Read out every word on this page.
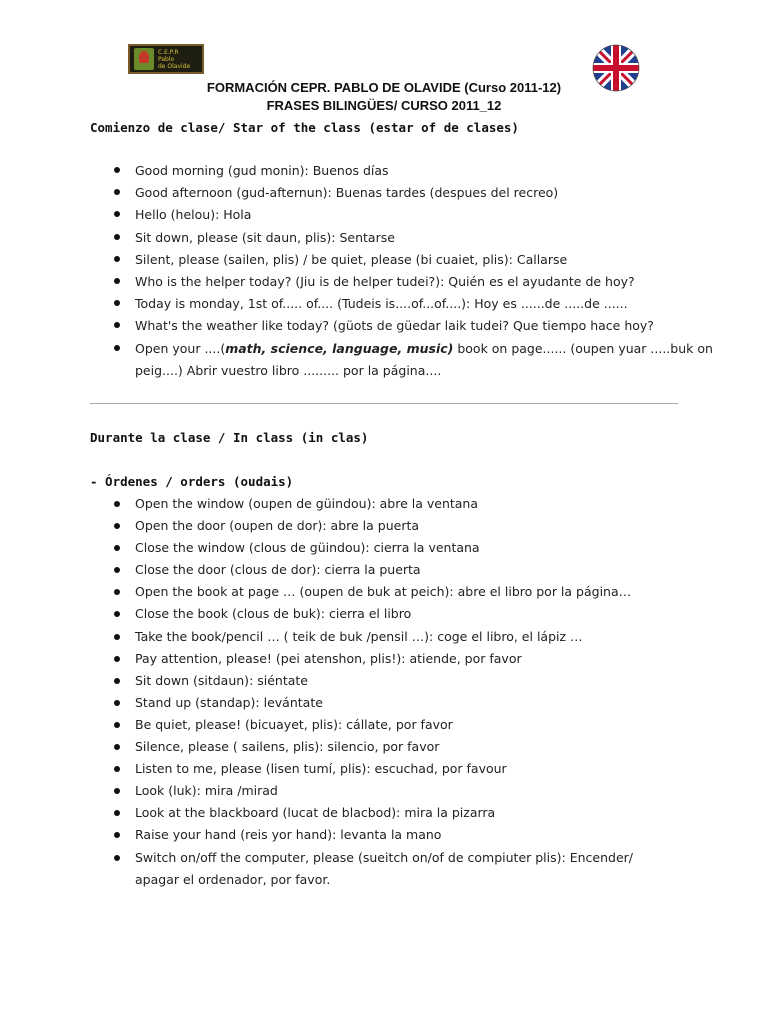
C.E.P.R
Pablo
de Olavide
FORMACIÓN CEPR. PABLO DE OLAVIDE (Curso 2011-12)
FRASES BILINGÜES/ CURSO 2011_12
Comienzo de clase/ Star of the class (estar of de clases)
Good morning (gud monin): Buenos días
Good afternoon (gud-afternun): Buenas tardes (despues del recreo)
Hello (helou): Hola
Sit down, please (sit daun, plis): Sentarse
Silent, please (sailen, plis) / be quiet, please (bi cuaiet, plis): Callarse
Who is the helper today? (Jiu is de helper tudei?): Quién es el ayudante de hoy?
Today is monday, 1st of..... of.... (Tudeis is....of...of....): Hoy es ......de .....de ......
What's the weather like today? (güots de güedar laik tudei? Que tiempo hace hoy?
Open your ....(math, science, language, music) book on page...... (oupen yuar .....buk on
peig....) Abrir vuestro libro ......... por la página....
Durante la clase / In class (in clas)
- Órdenes / orders (oudais)
Open the window (oupen de güindou): abre la ventana
Open the door (oupen de dor): abre la puerta
Close the window (clous de güindou): cierra la ventana
Close the door (clous de dor): cierra la puerta
Open the book at page … (oupen de buk at peich): abre el libro por la página…
Close the book (clous de buk): cierra el libro
Take the book/pencil … ( teik de buk /pensil …): coge el libro, el lápiz …
Pay attention, please! (pei atenshon, plis!): atiende, por favor
Sit down (sitdaun): siéntate
Stand up (standap): levántate
Be quiet, please! (bicuayet, plis): cállate, por favor
Silence, please ( sailens, plis): silencio, por favor
Listen to me, please (lisen tumí, plis): escuchad, por favour
Look (luk): mira /mirad
Look at the blackboard (lucat de blacbod): mira la pizarra
Raise your hand (reis yor hand): levanta la mano
Switch on/off the computer, please (sueitch on/of de compiuter plis): Encender/
apagar el ordenador, por favor.
